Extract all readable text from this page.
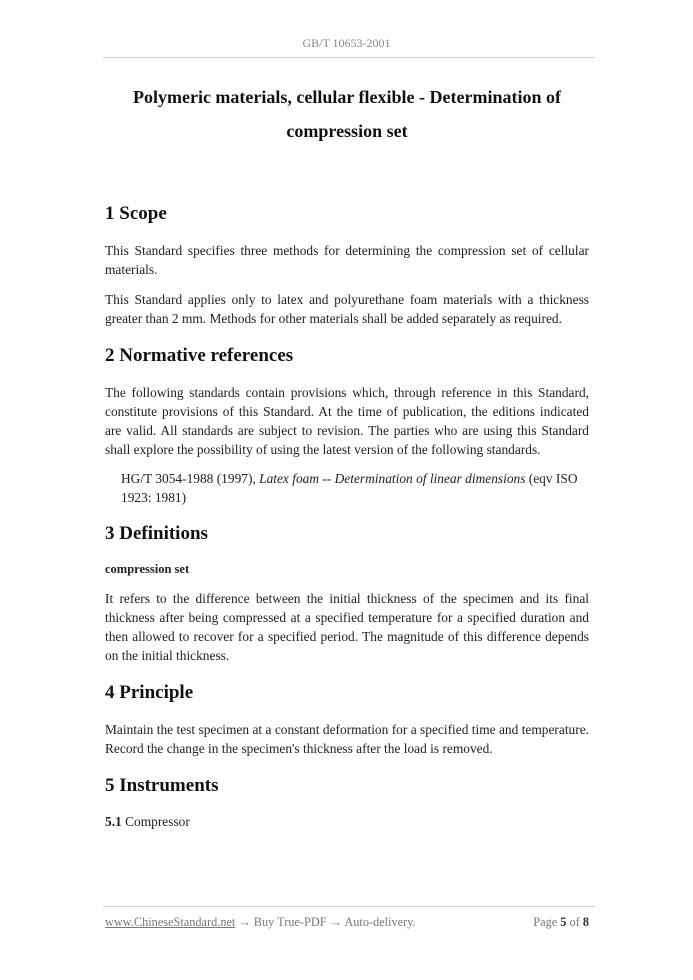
GB/T 10653-2001
Polymeric materials, cellular flexible - Determination of
compression set
1 Scope

This Standard specifies three methods for determining the compression set of cellular materials.

This Standard applies only to latex and polyurethane foam materials with a thickness greater than 2 mm. Methods for other materials shall be added separately as required.

2 Normative references

The following standards contain provisions which, through reference in this Standard, constitute provisions of this Standard. At the time of publication, the editions indicated are valid. All standards are subject to revision. The parties who are using this Standard shall explore the possibility of using the latest version of the following standards.

HG/T 3054-1988 (1997), Latex foam -- Determination of linear dimensions (eqv ISO 1923: 1981)

3 Definitions

compression set

It refers to the difference between the initial thickness of the specimen and its final thickness after being compressed at a specified temperature for a specified duration and then allowed to recover for a specified period. The magnitude of this difference depends on the initial thickness.

4 Principle

Maintain the test specimen at a constant deformation for a specified time and temperature. Record the change in the specimen's thickness after the load is removed.

5 Instruments

5.1 Compressor

www.ChineseStandard.net → Buy True-PDF → Auto-delivery.	Page 5 of 8
